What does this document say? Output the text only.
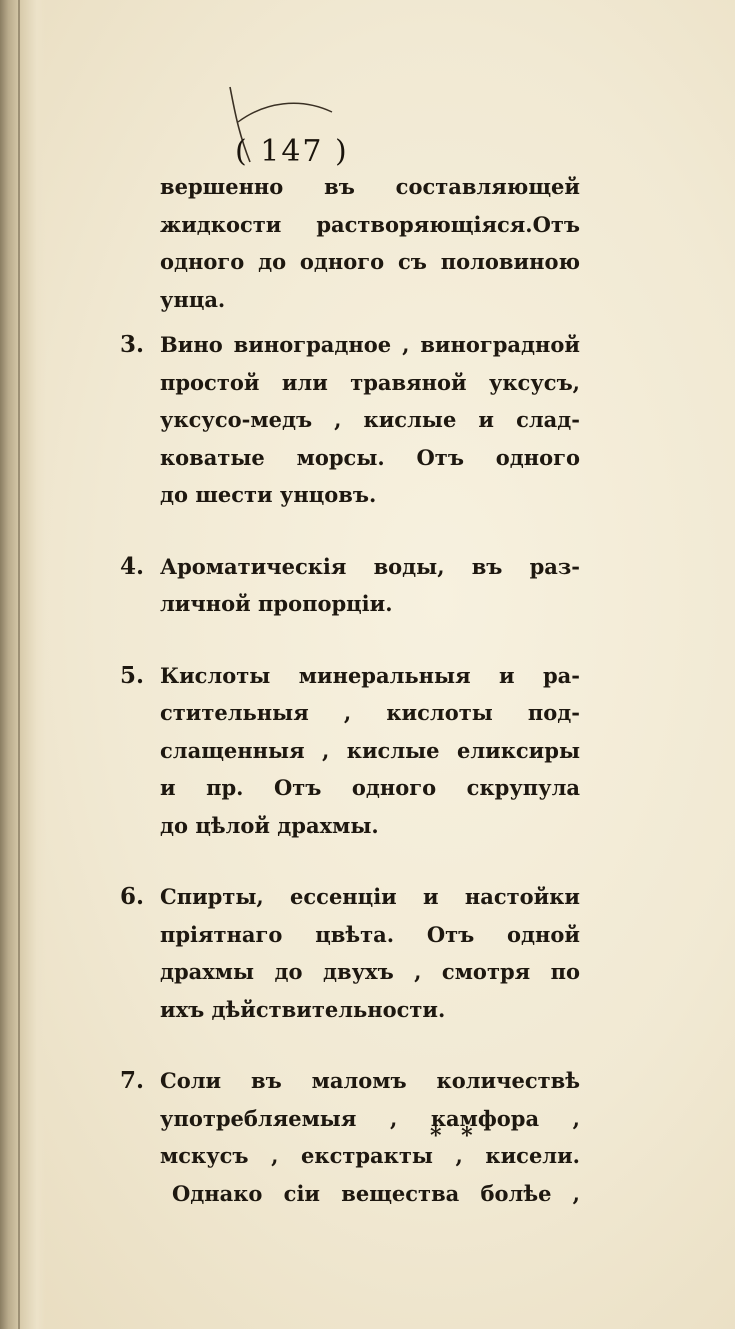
( 147 )
вершенно въ составляющей
жидкости растворяющіяся.Отъ
одного до одного съ половиною
унца.
3. Вино виноградное , виноградной
простой или травяной уксусъ,
уксусо-медъ , кислые и слад-
коватые морсы. Отъ одного
до шести унцовъ.
4. Ароматическія воды, въ раз-
личной пропорціи.
5. Кислоты минеральныя и ра-
стительныя , кислоты под-
слащенныя , кислые еликсиры
и пр. Отъ одного скрупула
до цѣлой драхмы.
6. Спирты, ессенціи и настойки
пріятнаго цвѣта. Отъ одной
драхмы до двухъ , смотря по
ихъ дѣйствительности.
7. Соли въ маломъ количествѣ
употребляемыя , камфора ,
мскусъ , екстракты , кисели.
Однако сіи вещества болѣе ,
* *
